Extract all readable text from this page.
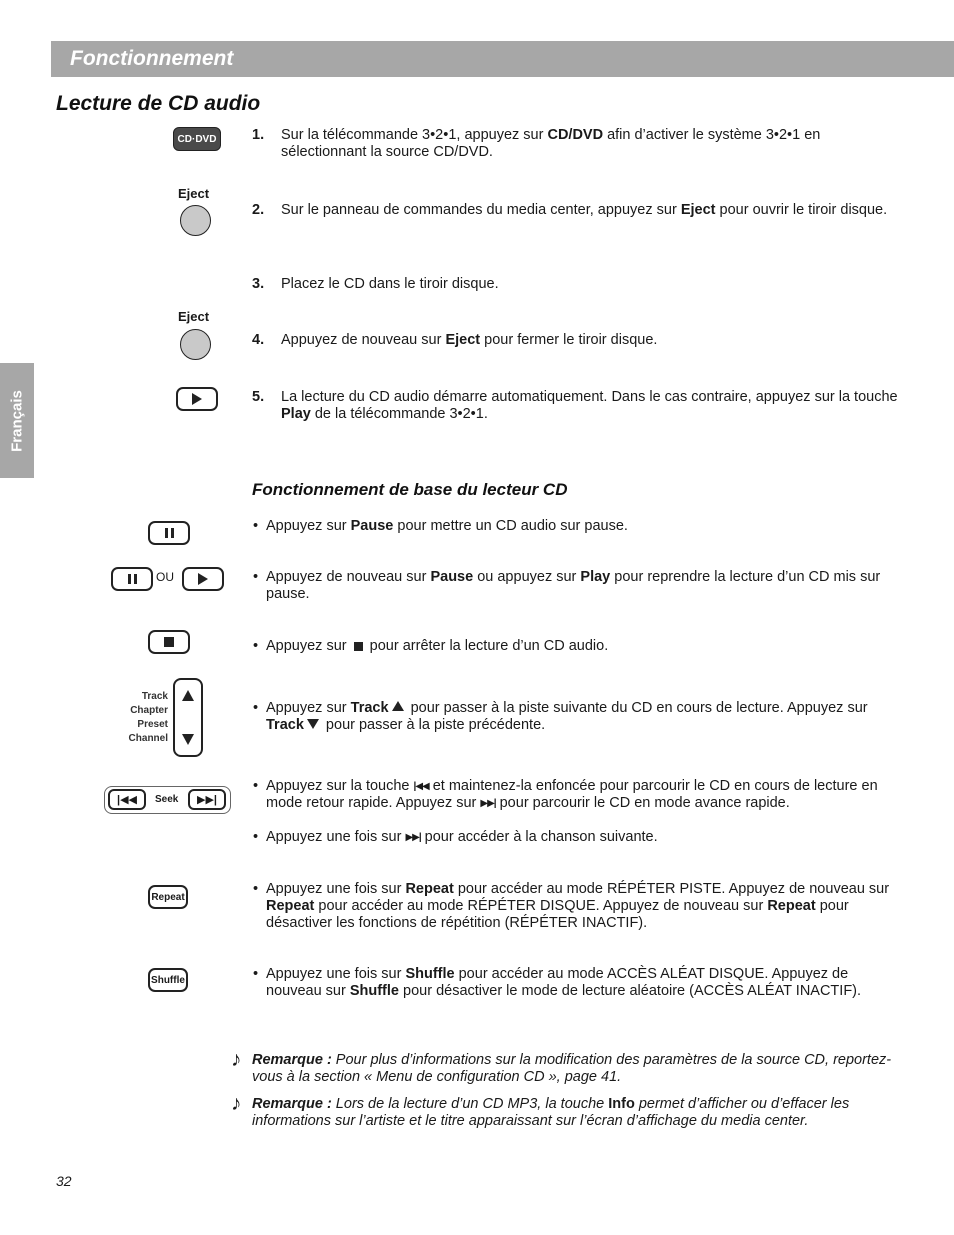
Fonctionnement
Lecture de CD audio
Français
CD·DVD	1. Sur la télécommande 3•2•1, appuyez sur CD/DVD afin d’activer le système 3•2•1 en sélectionnant la source CD/DVD.
Eject
2. Sur le panneau de commandes du media center, appuyez sur Eject pour ouvrir le tiroir disque.
3. Placez le CD dans le tiroir disque.
Eject
4. Appuyez de nouveau sur Eject pour fermer le tiroir disque.
5. La lecture du CD audio démarre automatiquement. Dans le cas contraire, appuyez sur la touche Play de la télécommande 3•2•1.
Fonctionnement de base du lecteur CD
• Appuyez sur Pause pour mettre un CD audio sur pause.
OU	• Appuyez de nouveau sur Pause ou appuyez sur Play pour reprendre la lecture d’un CD mis sur pause.
• Appuyez sur  pour arrêter la lecture d’un CD audio.
Track
Chapter
Preset
Channel
• Appuyez sur Track pour passer à la piste suivante du CD en cours de lecture. Appuyez sur Track pour passer à la piste précédente.
|◀◀ Seek ▶▶|
• Appuyez sur la touche |◀◀ et maintenez-la enfoncée pour parcourir le CD en cours de lecture en mode retour rapide. Appuyez sur ▶▶| pour parcourir le CD en mode avance rapide.
• Appuyez une fois sur ▶▶| pour accéder à la chanson suivante.
Repeat	• Appuyez une fois sur Repeat pour accéder au mode RÉPÉTER PISTE. Appuyez de nouveau sur Repeat pour accéder au mode RÉPÉTER DISQUE. Appuyez de nouveau sur Repeat pour désactiver les fonctions de répétition (RÉPÉTER INACTIF).
Shuffle	• Appuyez une fois sur Shuffle pour accéder au mode ACCÈS ALÉAT DISQUE. Appuyez de nouveau sur Shuffle pour désactiver le mode de lecture aléatoire (ACCÈS ALÉAT INACTIF).
♪ Remarque : Pour plus d’informations sur la modification des paramètres de la source CD, reportez-vous à la section « Menu de configuration CD », page 41.
♪ Remarque : Lors de la lecture d’un CD MP3, la touche Info permet d’afficher ou d’effacer les informations sur l’artiste et le titre apparaissant sur l’écran d’affichage du media center.
32
